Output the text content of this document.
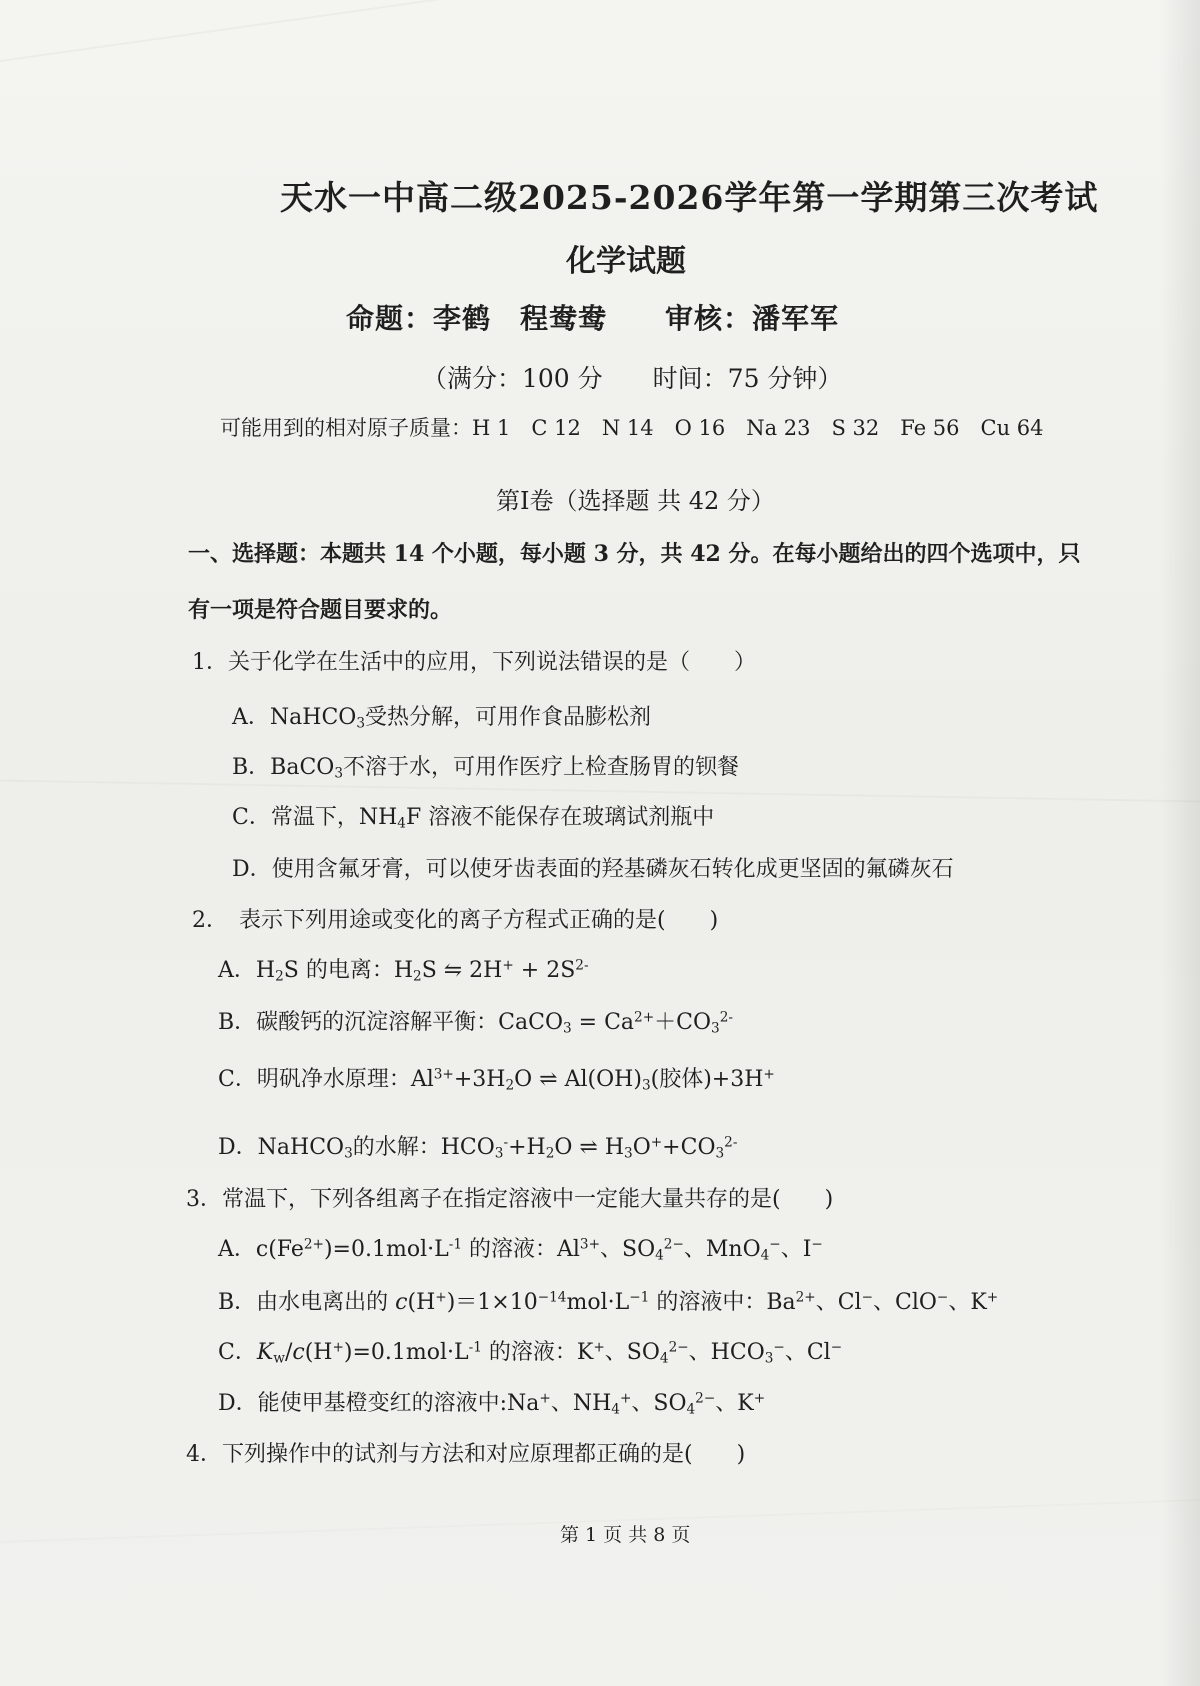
天水一中高二级2025-2026学年第一学期第三次考试
化学试题
命题：李鹤　程鸯鸯　　审核：潘军军
（满分：100 分　　时间：75 分钟）
可能用到的相对原子质量：H 1　C 12　N 14　O 16　Na 23　S 32　Fe 56　Cu 64
第Ⅰ卷（选择题 共 42 分）
一、选择题：本题共 14 个小题，每小题 3 分，共 42 分。在每小题给出的四个选项中，只
有一项是符合题目要求的。
1．关于化学在生活中的应用，下列说法错误的是（　　）
A．NaHCO$_3$受热分解，可用作食品膨松剂
B．BaCO$_3$不溶于水，可用作医疗上检查肠胃的钡餐
C．常温下，$NH_4F$ 溶液不能保存在玻璃试剂瓶中
D．使用含氟牙膏，可以使牙齿表面的羟基磷灰石转化成更坚固的氟磷灰石
2．　表示下列用途或变化的离子方程式正确的是(　　)
A．$H_2S$ 的电离：$H_2S$ ⇋ $2H^+ + 2S^{2-}$
B．碳酸钙的沉淀溶解平衡：CaCO$_3$ = $Ca^{2+}+CO_3^{2-}$
C．明矾净水原理：$Al^{3+}+3H_2O$ ⇌ $Al(OH)_3$(胶体)+3H+
D．NaHCO$_3$的水解：$HCO_3^-+H_2O$ ⇌ $H_3O^++CO_3^{2-}$
3．常温下，下列各组离子在指定溶液中一定能大量共存的是(　　)
A．$c(Fe^{2+})=0.1mol\cdot L^{-1}$ 的溶液：$Al^{3+}$、$SO_4^{2-}$、MnO$_4$−、I−
B．由水电离出的 $c(H^+)=1\times 10^{-14}mol\cdot L^{-1}$ 的溶液中：$Ba^{2+}$、Cl−、ClO−、K+
C．$K_w/c(H^+)=0.1mol\cdot L^{-1}$ 的溶液：K+、$SO_4^{2-}$、$HCO_3^-$、Cl−
D．能使甲基橙变红的溶液中:Na+、$NH_4^+$、$SO_4^{2-}$、K+
4．下列操作中的试剂与方法和对应原理都正确的是(　　)
第 1 页 共 8 页
